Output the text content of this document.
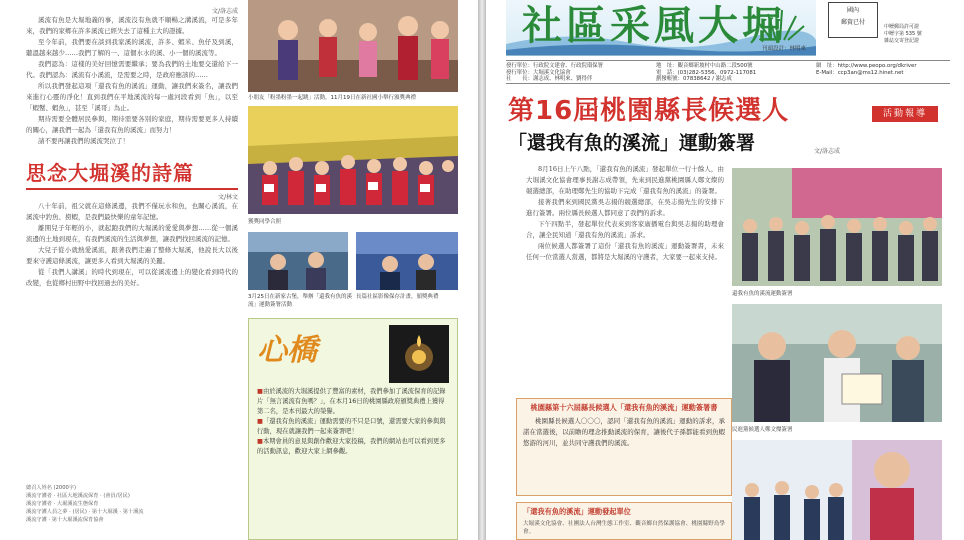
文/洛志成

溪流有魚是大堀地義的事，溪流沒有魚就不順暢之溝溪流，可是多年來，我們的家鄉在許多溪流已經失去了這種主大的證據。

至今年前，我們要在談到我家溪的溪流，許多、蝦米、魚仔及到溪，聽溫越來越少……我們了解的一、這個水水的溪、小一個的溪流等。

我們認為：這樣的美好回憶需要繼承；要為我們的土地要交還給下一代。我們認為：溪流有小溪流，是需要之時，是政府應該的……

所以我們發起這項「還我有魚的溪流」運動，讓我們來簽名，讓我們來進行心靈的淨化！直到我們在平地溪流的每一處河段看到「魚」，以至「蝦蟹、蝦魚」，甚至「溪哥」為止。

期待需要全體居民參與，期待需要各別的家庭，期待需要更多人持續的關心，讓我們一起為「還我有魚的溪流」而努力！

請不要再讓我們的溪流哭泣了！

思念大堀溪的詩篇
文/林文

八十年前，祖父就在這條溪邊，我們不僅玩水和魚，也關心溪流，在溪流中釣魚、撈蝦，是我們最快樂的童年記憶。

離開兒子年輕的小，就起跑我們的大堀溪的愛愛與夢想……從一個溪流邊的土地到現在，有我們溪流的生活與夢想，讓我們找回溪流的記憶。

大兒子從小就熱愛溪流，跟著我們走遍了整條大堀溪，他說長大以後要來守護這條溪流，讓更多人看到大堀溪的美麗。

從「我們人講溪」的時代到現在，可以從溪流邊上的變化看到時代的改變，也從鄉村田野中找回過去的美好。

總召人姓名 (2000字)
溪流守護者 · 社區大地溪流保育 · (會員/居民)
溪流守護者 · 大堀溪流生態保育
溪流守護人員之夢 · (居民) · 第十大堀溪 · 第十溪流
溪流守護 · 第十大堀溪流保育協會
小朋友「粉墨粉墨一起跳」活動，11月19日在新社國小舉行頒獎典禮
獲獎同學合照
3月25日在新家古堡，舉辦「還我有魚的溪流」運動簽署活動
長篇社區影像保存計畫，頒獎典禮
心橋
■由於溪流的大堀溪提供了豐富的素材，我們參加了溪流保育的記錄片「無言溪流有魚嗎？」，在本月16日的桃園縣政府頒獎典禮上獲得第二名，是本刊最大的榮譽。
■「還我有魚的溪流」運動需要的不只是口號，還需要大家的參與與行動，現在就讓我們一起來簽署吧！
■本期會員的意見與創作歡迎大家投稿，我們的網站也可以看到更多的活動訊息，歡迎大家上網參觀。
社區采風大堀
刊頭設計：林明來
國內
郵資已付
中壢郵局許可證
中壢字第 535 號
雜誌交寄登記證
發行單位：行政院文建會、行政院環保署	地　址：觀音鄉新坡村中山路二段500號	網　址：http://www.peopo.org/dkriver
發行單位：大堀溪文化協會	電　話：(03)282-5356、0972-117081	E-Mail：ccp3an@ms12.hinet.net
社　　長：謝志成、林明來、劉得伴	劃撥帳號：07838642 / 謝志成
第16屆桃園縣長候選人	活動報導
「還我有魚的溪流」運動簽署	文/洛志成

8月16日上午八點，「還我有魚的溪流」發起單位一行十餘人，由大堀溪文化協會理事長謝志成帶領，先來到民進黨桃園縣人鄭文燦的競選總部，在助理鄭先生的協助下完成「還我有魚的溪流」的簽署。

接著我們來到國民黨吳志揚的競選總部，在吳志揚先生的安排下進行簽署。兩位縣長候選人都同意了我們的訴求。

下午四點半，發起單位代表來到客家廣播電台與吳志揚的助理會合，讓全民知道「還我有魚的溪流」訴求。

兩位候選人都簽署了這份「還我有魚的溪流」運動簽署書，未來任何一位當選人當選，都將是大堀溪的守護者，大家要一起來支持。

桃園縣第十六屆縣長候選人「還我有魚的溪流」運動簽署書

桃園縣長候選人〇〇〇，認同「還我有魚的溪流」運動的訴求，承諾在當選後，以前瞻的理念推動溪流的保育，讓後代子孫都能看到魚蝦悠游的河川，並共同守護我們的溪流。

「還我有魚的溪流」運動發起單位

大堀溪文化協會、社團法人台灣生態工作室、觀音鄉自然保護協會、桃園縣野鳥學會。

還我有魚的溪流運動簽署
民進黨候選人鄭文燦簽署
